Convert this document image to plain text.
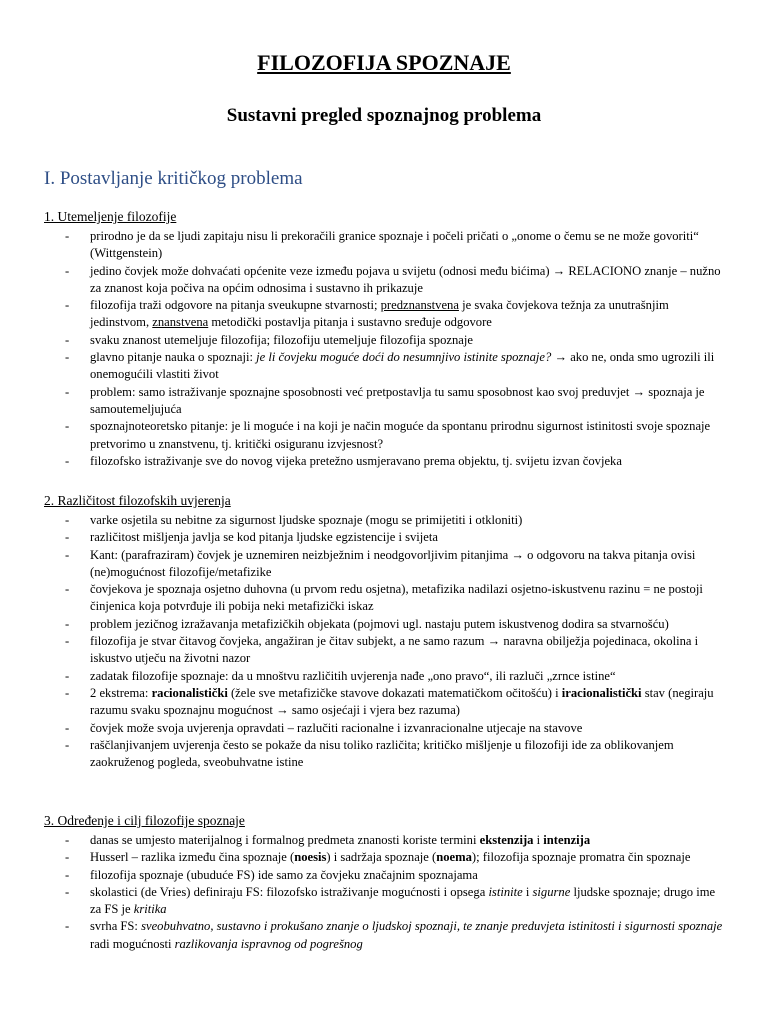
FILOZOFIJA SPOZNAJE
Sustavni pregled spoznajnog problema
I. Postavljanje kritičkog problema
1. Utemeljenje filozofije
- prirodno je da se ljudi zapitaju nisu li prekoračili granice spoznaje i počeli pričati o „onome o čemu se ne može govoriti“ (Wittgenstein)
- jedino čovjek može dohvaćati općenite veze između pojava u svijetu (odnosi među bićima) → RELACIONO znanje – nužno za znanost koja počiva na općim odnosima i sustavno ih prikazuje
- filozofija traži odgovore na pitanja sveukupne stvarnosti; predznanstvena je svaka čovjekova težnja za unutrašnjim jedinstvom, znanstvena metodički postavlja pitanja i sustavno sređuje odgovore
- svaku znanost utemeljuje filozofija; filozofiju utemeljuje filozofija spoznaje
- glavno pitanje nauka o spoznaji: je li čovjeku moguće doći do nesumnjivo istinite spoznaje? → ako ne, onda smo ugrozili ili onemogućili vlastiti život
- problem: samo istraživanje spoznajne sposobnosti već pretpostavlja tu samu sposobnost kao svoj preduvjet → spoznaja je samoutemeljujuća
- spoznajnoteoretsko pitanje: je li moguće i na koji je način moguće da spontanu prirodnu sigurnost istinitosti svoje spoznaje pretvorimo u znanstvenu, tj. kritički osiguranu izvjesnost?
- filozofsko istraživanje sve do novog vijeka pretežno usmjeravano prema objektu, tj. svijetu izvan čovjeka
2. Različitost filozofskih uvjerenja
- varke osjetila su nebitne za sigurnost ljudske spoznaje (mogu se primijetiti i otkloniti)
- različitost mišljenja javlja se kod pitanja ljudske egzistencije i svijeta
- Kant: (parafraziram) čovjek je uznemiren neizbježnim i neodgovorljivim pitanjima → o odgovoru na takva pitanja ovisi (ne)mogućnost filozofije/metafizike
- čovjekova je spoznaja osjetno duhovna (u prvom redu osjetna), metafizika nadilazi osjetno-iskustvenu razinu = ne postoji činjenica koja potvrđuje ili pobija neki metafizički iskaz
- problem jezičnog izražavanja metafizičkih objekata (pojmovi ugl. nastaju putem iskustvenog dodira sa stvarnošću)
- filozofija je stvar čitavog čovjeka, angažiran je čitav subjekt, a ne samo razum → naravna obilježja pojedinaca, okolina i iskustvo utječu na životni nazor
- zadatak filozofije spoznaje: da u mnoštvu različitih uvjerenja nađe „ono pravo“, ili razluči „zrnce istine“
- 2 ekstrema: racionalistički (žele sve metafizičke stavove dokazati matematičkom očitošću) i iracionalistički stav (negiraju razumu svaku spoznajnu mogućnost → samo osjećaji i vjera bez razuma)
- čovjek može svoja uvjerenja opravdati – razlučiti racionalne i izvanracionalne utjecaje na stavove
- raščlanjivanjem uvjerenja često se pokaže da nisu toliko različita; kritičko mišljenje u filozofiji ide za oblikovanjem zaokruženog pogleda, sveobuhvatne istine
3. Određenje i cilj filozofije spoznaje
- danas se umjesto materijalnog i formalnog predmeta znanosti koriste termini ekstenzija i intenzija
- Husserl – razlika između čina spoznaje (noesis) i sadržaja spoznaje (noema); filozofija spoznaje promatra čin spoznaje
- filozofija spoznaje (ubuduće FS) ide samo za čovjeku značajnim spoznajama
- skolastici (de Vries) definiraju FS: filozofsko istraživanje mogućnosti i opsega istinite i sigurne ljudske spoznaje; drugo ime za FS je kritika
- svrha FS: sveobuhvatno, sustavno i prokušano znanje o ljudskoj spoznaji, te znanje preduvjeta istinitosti i sigurnosti spoznaje radi mogućnosti razlikovanja ispravnog od pogrešnog
